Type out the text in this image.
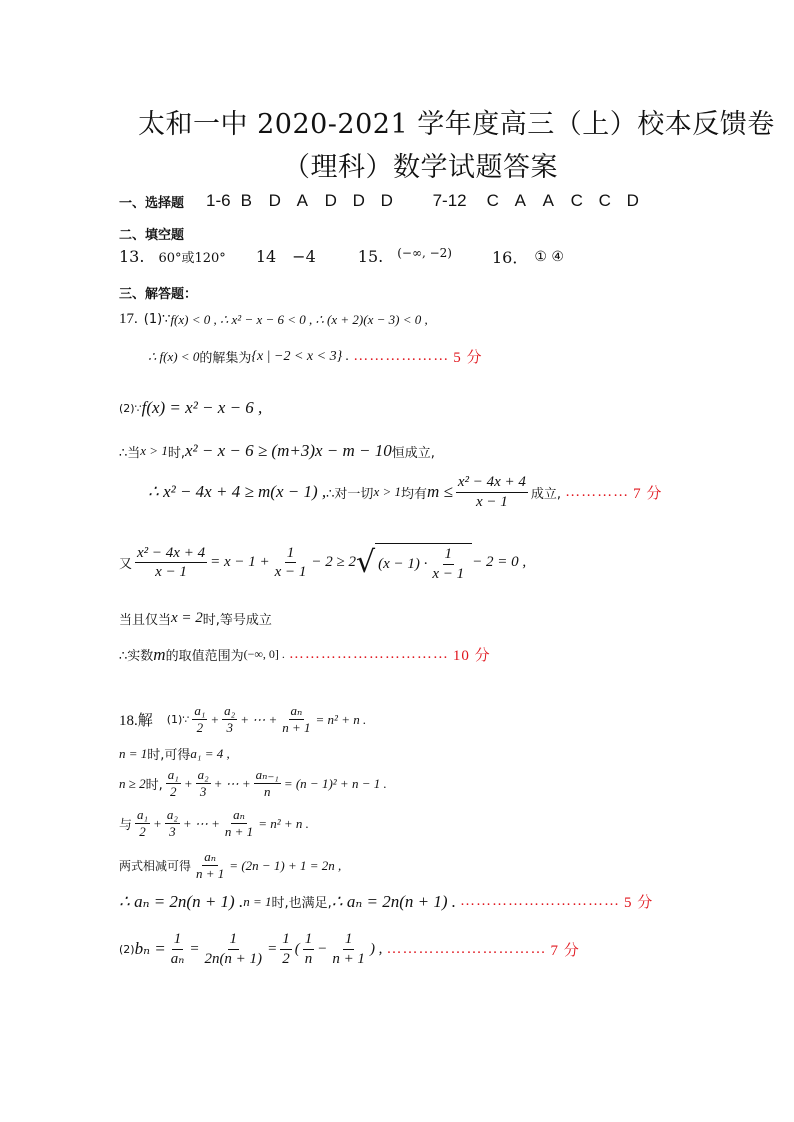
太和一中 2020-2021 学年度高三（上）校本反馈卷
（理科）数学试题答案
一、选择题 1-6 B D A D D D	7-12 C A A C C D
二、填空题
13. 60°或120° 14 −4	15. (−∞, −2)	16． ① ④
三、解答题：
17. (1)∵ f(x) < 0 , ∴ x² − x − 6 < 0 , ∴ (x + 2)(x − 3) < 0 ,
∴ f(x) < 0 的解集为 {x | −2 < x < 3} . ……………… 5 分
(2)∵ f(x) = x² − x − 6 ,
∴当 x > 1 时, x² − x − 6 ≥ (m+3)x − m − 10 恒成立,
∴ x² − 4x + 4 ≥ m(x − 1) , ∴对一切 x > 1 均有 $m \le \frac{\text{x² − 4x + 4}}{x - 1}$ 成立, ………… 7 分
又 $\frac{\text{x² − 4x + 4}}{x - 1} = x - 1 + \frac{1}{x - 1} - 2 \ge 2$ √ $(x - 1) \cdot \frac{1}{x - 1} - 2 = 0$ ,
当且仅当 x = 2 时,等号成立
∴实数 m 的取值范围为 (−∞, 0] . ………………………… 10 分
18.解 (1)∵ $\frac{\text{a₁}}{2} + \frac{\text{a₂}}{3}$ + ⋯ + $\frac{\text{aₙ}}{n + 1} = n^2 + n$ .
n = 1 时,可得 a₁ = 4 ,
n ≥ 2 时, $\frac{\text{a₁}}{2} + \frac{\text{a₂}}{3}$ + ⋯ + $\frac{\text{aₙ₋₁}}{n} = (n - 1)^2 + n - 1$ .
与 $\frac{\text{a₁}}{2} + \frac{\text{a₂}}{3}$ + ⋯ + $\frac{\text{aₙ}}{n + 1} = n^2 + n$ .
两式相减可得 $\frac{\text{aₙ}}{n + 1} = (2n - 1) + 1 = 2n$ ,
∴ aₙ = 2n(n + 1) . n = 1 时,也满足, ∴ aₙ = 2n(n + 1) . ………………………… 5 分
(2) $b_n = \frac{1}{\text{aₙ}} = \frac{1}{2n(n + 1)} = \frac{1}{2}$ ( $\frac{1}{n} - \frac{1}{n + 1}$ ) , ………………………… 7 分
